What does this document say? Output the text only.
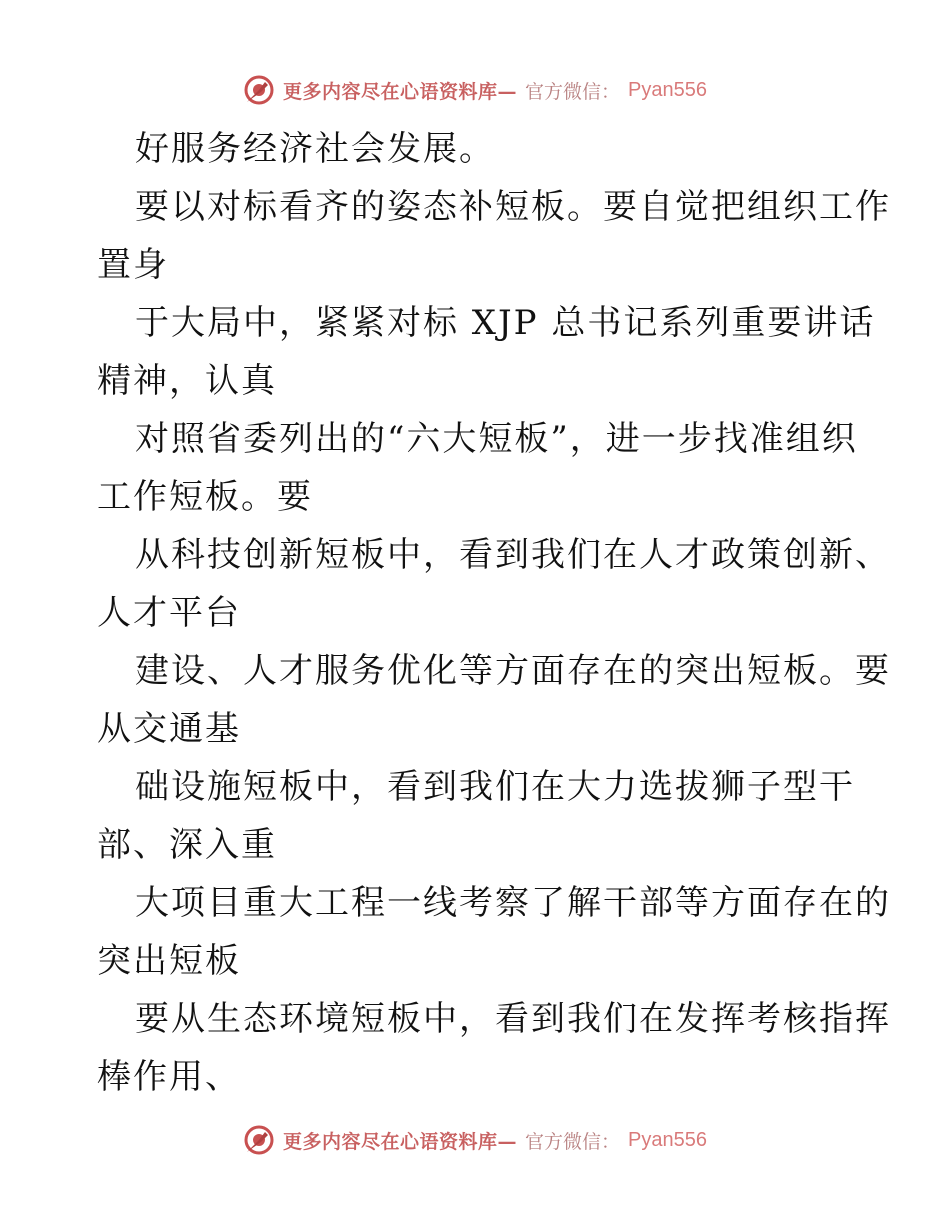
更多内容尽在心语资料库— 官方微信： Pyan556
好服务经济社会发展。
要以对标看齐的姿态补短板。要自觉把组织工作
置身
于大局中，紧紧对标 XJP 总书记系列重要讲话
精神，认真
对照省委列出的“六大短板”，进一步找准组织
工作短板。要
从科技创新短板中，看到我们在人才政策创新、
人才平台
建设、人才服务优化等方面存在的突出短板。要
从交通基
础设施短板中，看到我们在大力选拔狮子型干
部、深入重
大项目重大工程一线考察了解干部等方面存在的
突出短板
要从生态环境短板中，看到我们在发挥考核指挥
棒作用、
更多内容尽在心语资料库— 官方微信： Pyan556
